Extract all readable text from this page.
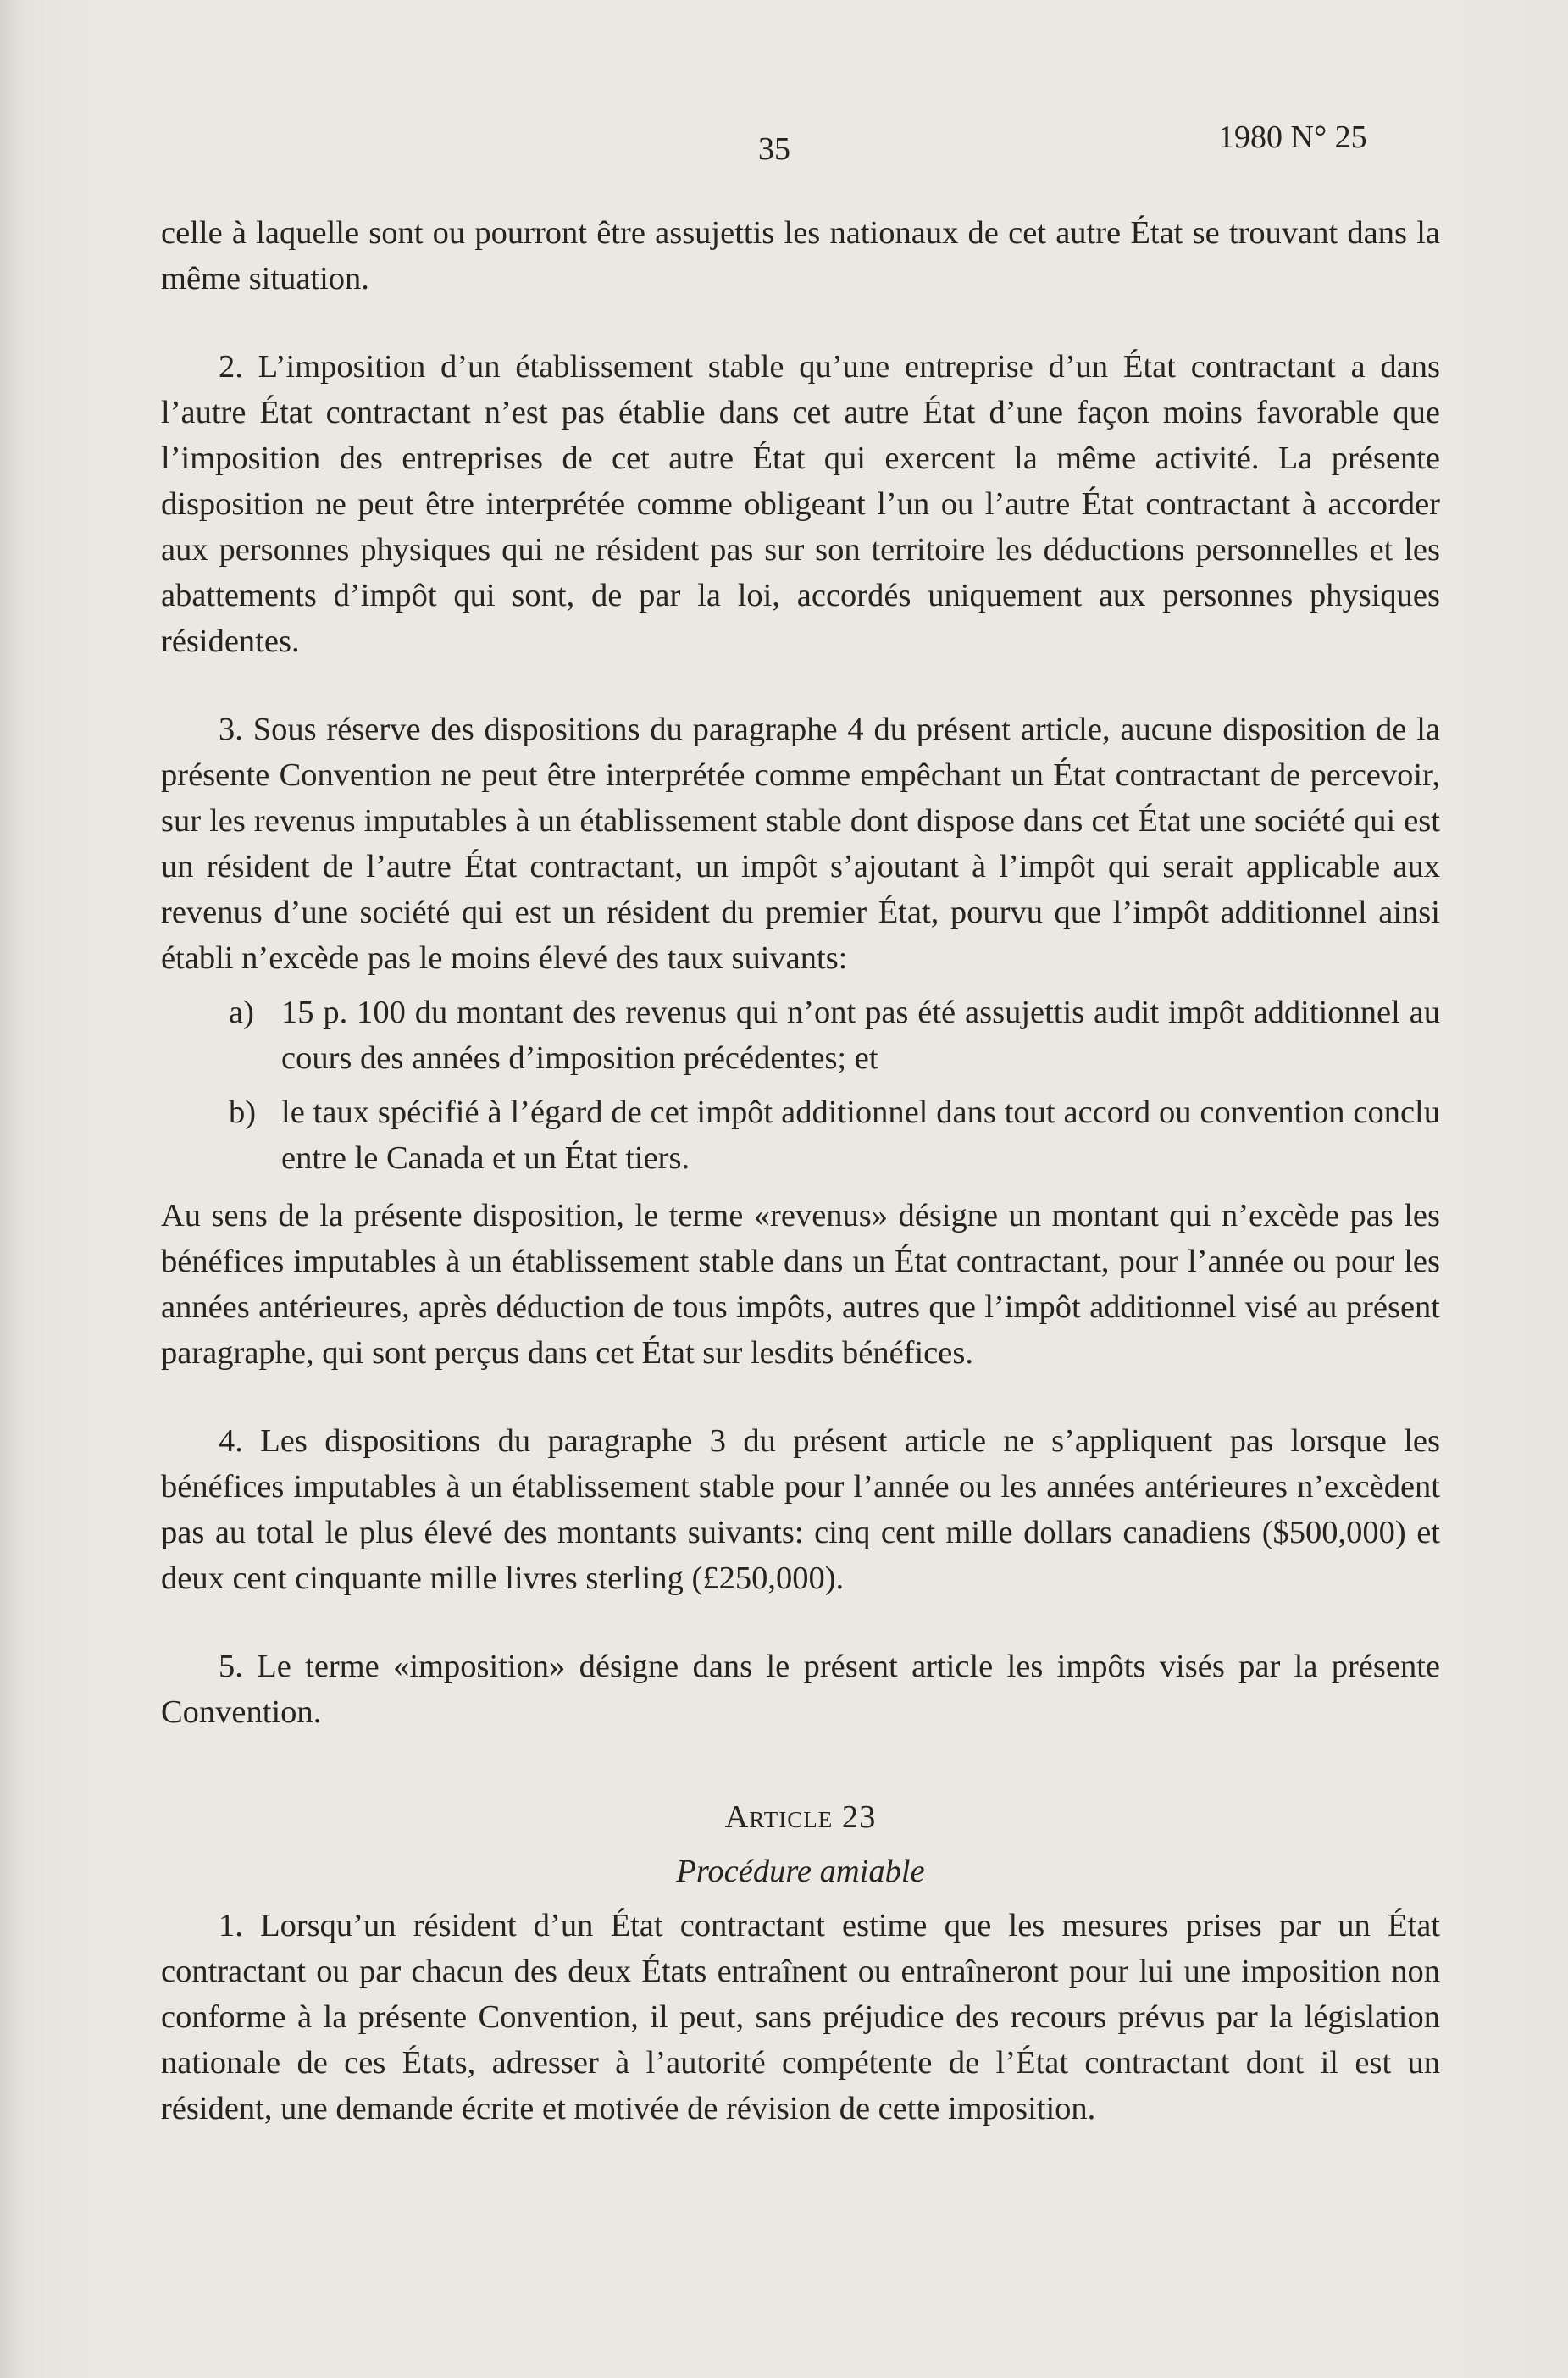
35	1980 N° 25

celle à laquelle sont ou pourront être assujettis les nationaux de cet autre État se trouvant dans la même situation.

2. L’imposition d’un établissement stable qu’une entreprise d’un État contractant a dans l’autre État contractant n’est pas établie dans cet autre État d’une façon moins favorable que l’imposition des entreprises de cet autre État qui exercent la même activité. La présente disposition ne peut être interprétée comme obligeant l’un ou l’autre État contractant à accorder aux personnes physiques qui ne résident pas sur son territoire les déductions personnelles et les abattements d’impôt qui sont, de par la loi, accordés uniquement aux personnes physiques résidentes.

3. Sous réserve des dispositions du paragraphe 4 du présent article, aucune disposition de la présente Convention ne peut être interprétée comme empêchant un État contractant de percevoir, sur les revenus imputables à un établissement stable dont dispose dans cet État une société qui est un résident de l’autre État contractant, un impôt s’ajoutant à l’impôt qui serait applicable aux revenus d’une société qui est un résident du premier État, pourvu que l’impôt additionnel ainsi établi n’excède pas le moins élevé des taux suivants:

a) 15 p. 100 du montant des revenus qui n’ont pas été assujettis audit impôt additionnel au cours des années d’imposition précédentes; et
b) le taux spécifié à l’égard de cet impôt additionnel dans tout accord ou convention conclu entre le Canada et un État tiers.

Au sens de la présente disposition, le terme «revenus» désigne un montant qui n’excède pas les bénéfices imputables à un établissement stable dans un État contractant, pour l’année ou pour les années antérieures, après déduction de tous impôts, autres que l’impôt additionnel visé au présent paragraphe, qui sont perçus dans cet État sur lesdits bénéfices.

4. Les dispositions du paragraphe 3 du présent article ne s’appliquent pas lorsque les bénéfices imputables à un établissement stable pour l’année ou les années antérieures n’excèdent pas au total le plus élevé des montants suivants: cinq cent mille dollars canadiens ($500,000) et deux cent cinquante mille livres sterling (£250,000).

5. Le terme «imposition» désigne dans le présent article les impôts visés par la présente Convention.

Article 23

Procédure amiable

1. Lorsqu’un résident d’un État contractant estime que les mesures prises par un État contractant ou par chacun des deux États entraînent ou entraîneront pour lui une imposition non conforme à la présente Convention, il peut, sans préjudice des recours prévus par la législation nationale de ces États, adresser à l’autorité compétente de l’État contractant dont il est un résident, une demande écrite et motivée de révision de cette imposition.
